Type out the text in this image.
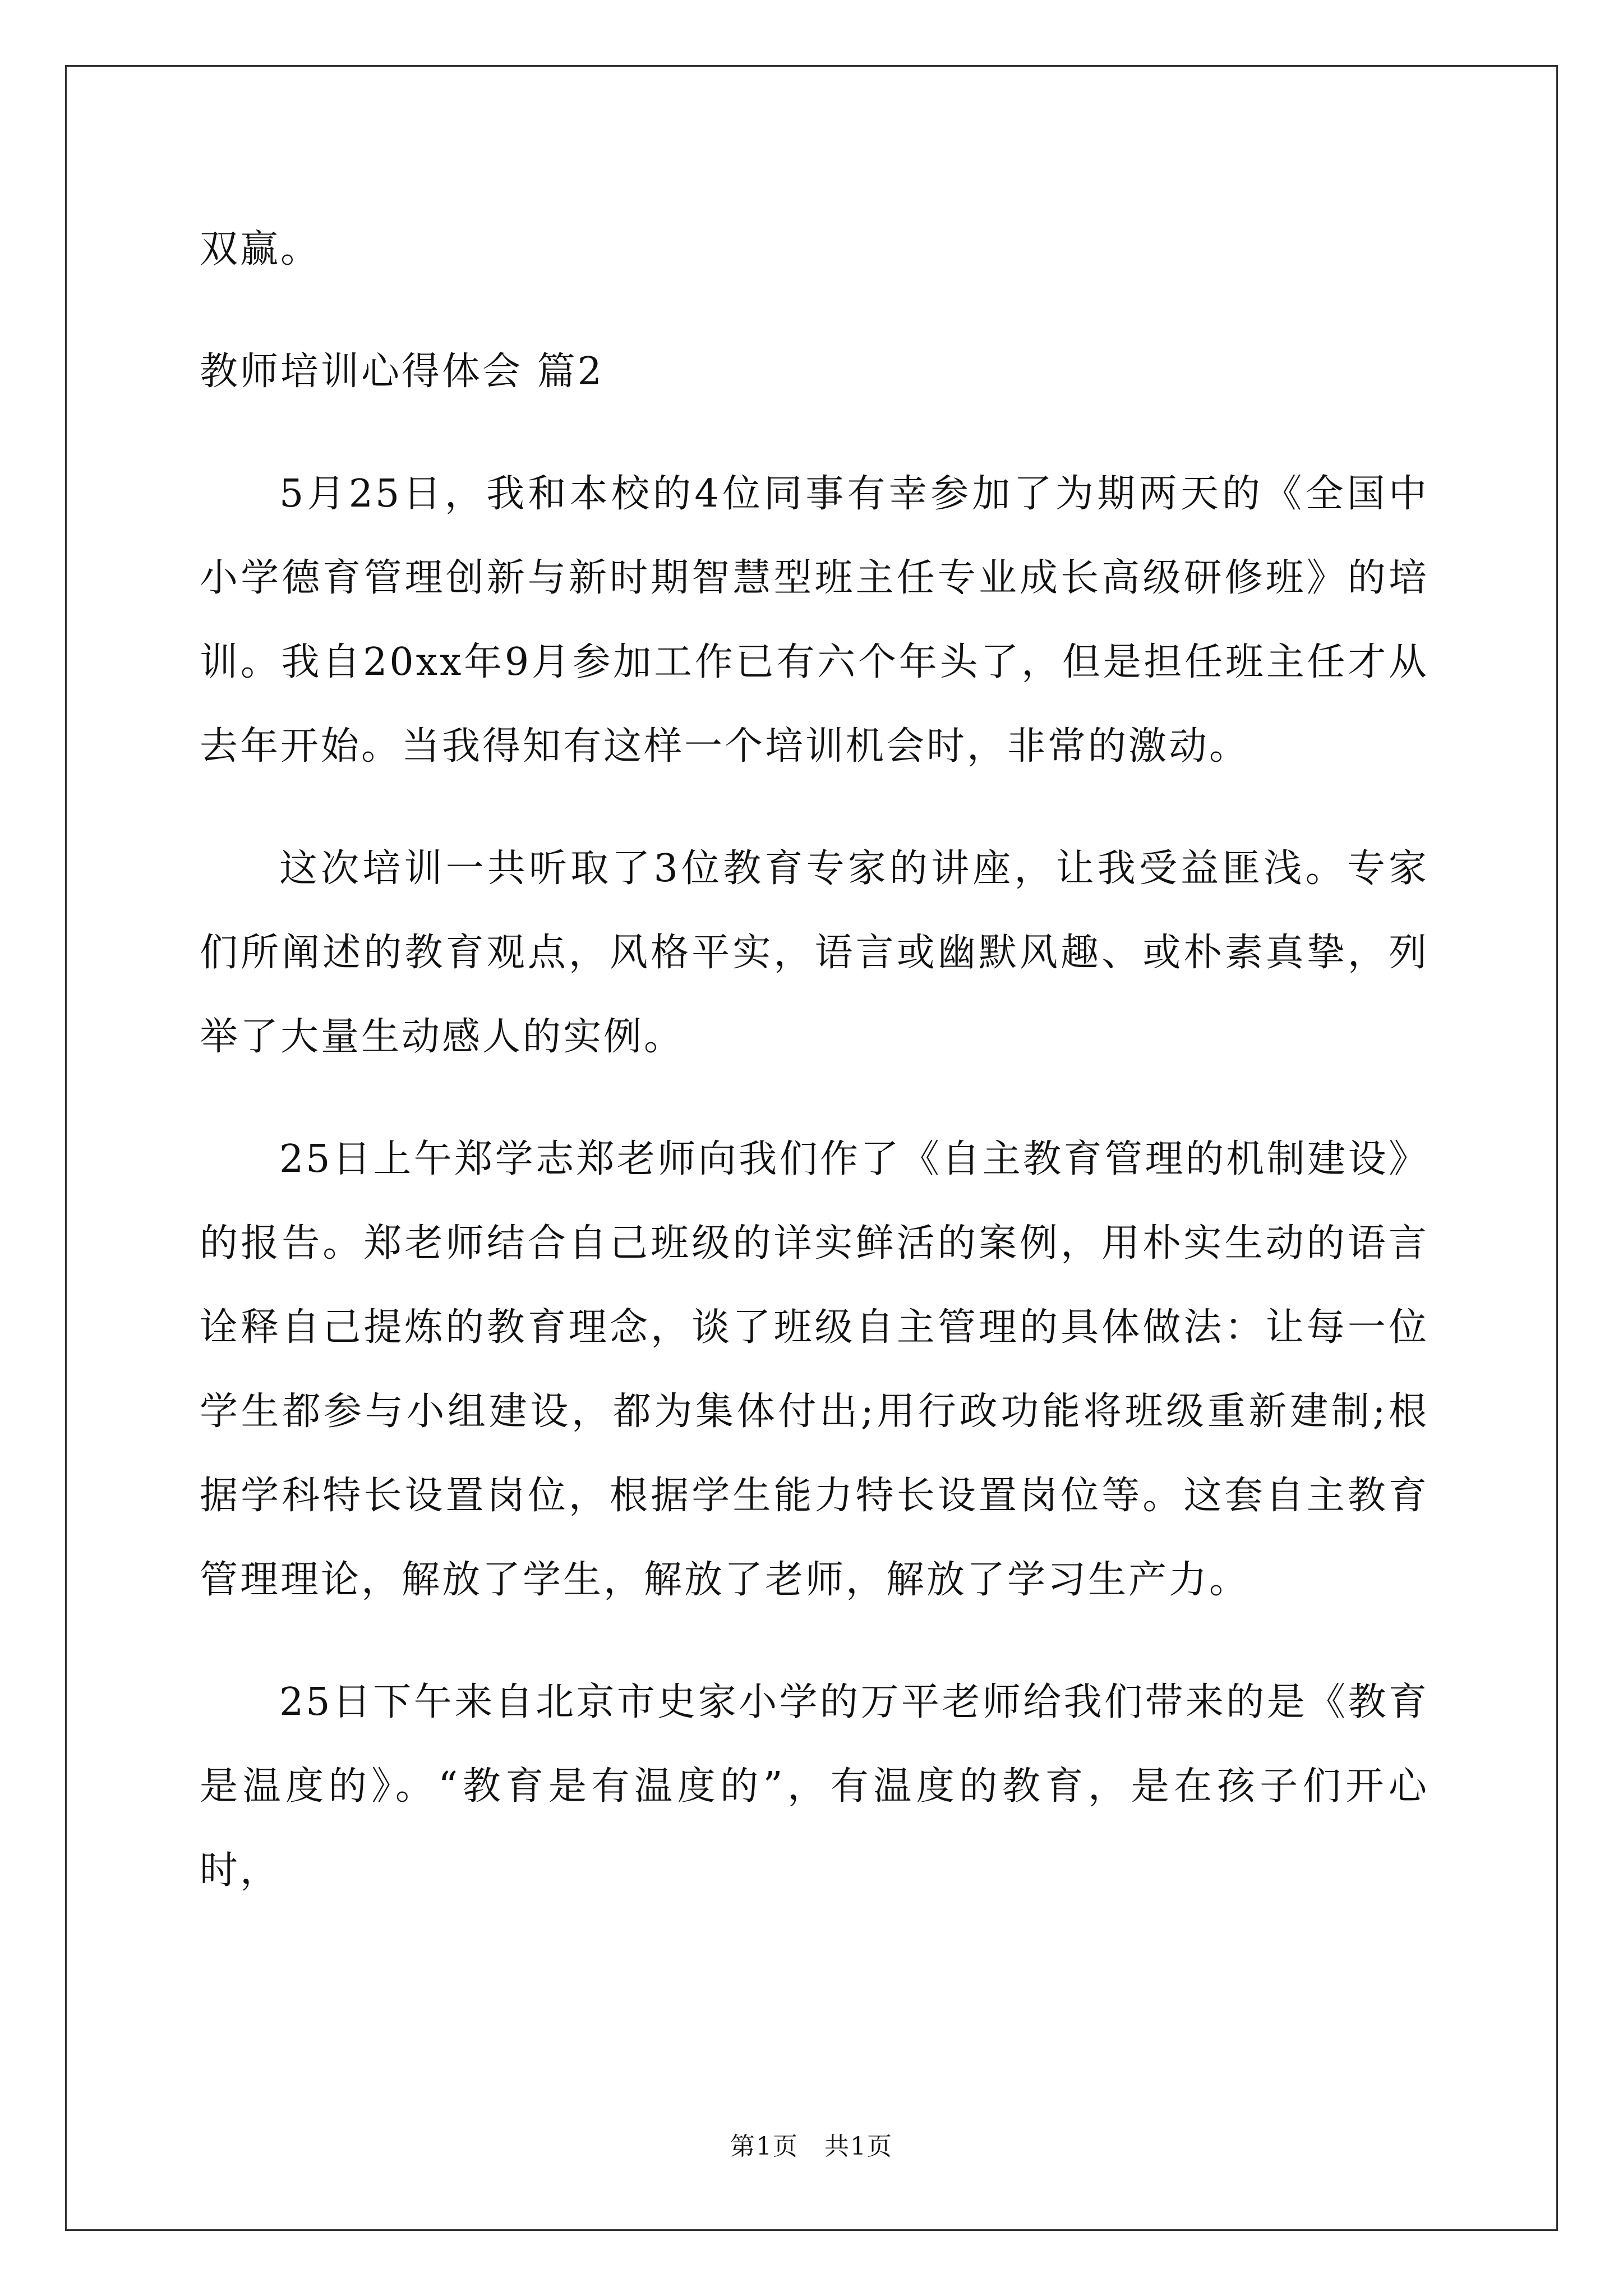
双赢。

教师培训心得体会 篇2

5月25日，我和本校的4位同事有幸参加了为期两天的《全国中小学德育管理创新与新时期智慧型班主任专业成长高级研修班》的培训。我自20xx年9月参加工作已有六个年头了，但是担任班主任才从去年开始。当我得知有这样一个培训机会时，非常的激动。

这次培训一共听取了3位教育专家的讲座，让我受益匪浅。专家们所阐述的教育观点，风格平实，语言或幽默风趣、或朴素真挚，列举了大量生动感人的实例。

25日上午郑学志郑老师向我们作了《自主教育管理的机制建设》的报告。郑老师结合自己班级的详实鲜活的案例，用朴实生动的语言诠释自己提炼的教育理念，谈了班级自主管理的具体做法：让每一位学生都参与小组建设，都为集体付出;用行政功能将班级重新建制;根据学科特长设置岗位，根据学生能力特长设置岗位等。这套自主教育管理理论，解放了学生，解放了老师，解放了学习生产力。

25日下午来自北京市史家小学的万平老师给我们带来的是《教育是温度的》。“教育是有温度的”，有温度的教育，是在孩子们开心时，

第1页　共1页
